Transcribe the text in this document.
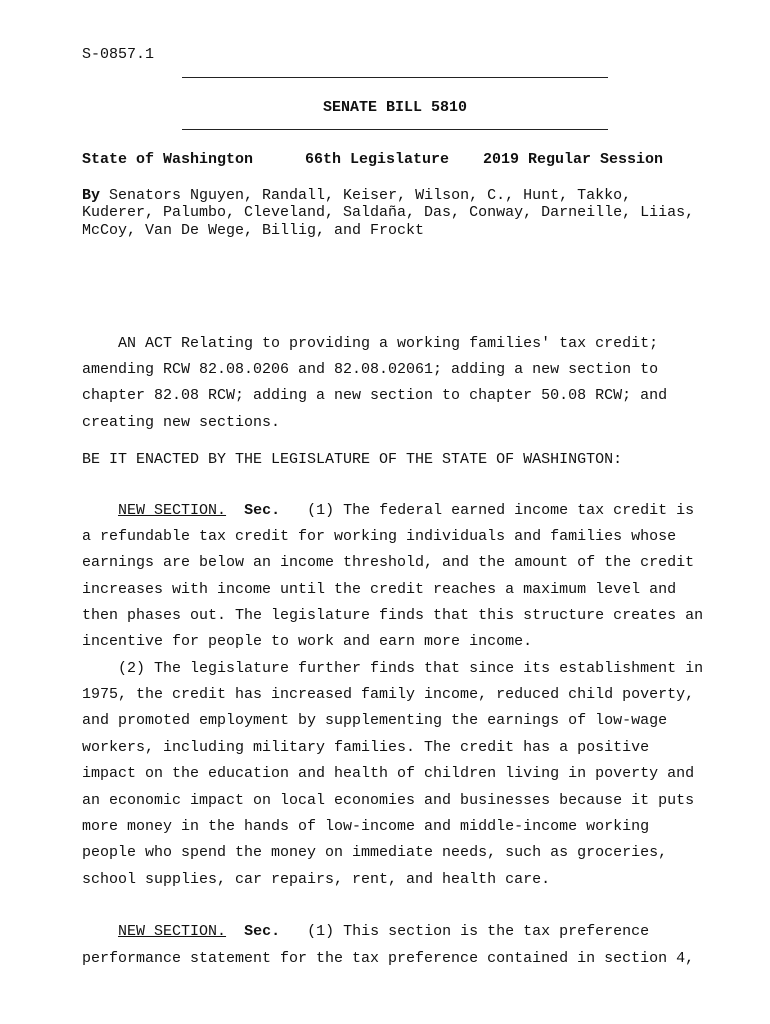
S-0857.1
SENATE BILL 5810
State of Washington	66th Legislature 2019 Regular Session
By Senators Nguyen, Randall, Keiser, Wilson, C., Hunt, Takko,
Kuderer, Palumbo, Cleveland, Saldaña, Das, Conway, Darneille, Liias,
McCoy, Van De Wege, Billig, and Frockt
AN ACT Relating to providing a working families' tax credit;
amending RCW 82.08.0206 and 82.08.02061; adding a new section to
chapter 82.08 RCW; adding a new section to chapter 50.08 RCW; and
creating new sections.
BE IT ENACTED BY THE LEGISLATURE OF THE STATE OF WASHINGTON:
NEW SECTION. Sec. (1) The federal earned income tax credit is
a refundable tax credit for working individuals and families whose
earnings are below an income threshold, and the amount of the credit
increases with income until the credit reaches a maximum level and
then phases out. The legislature finds that this structure creates an
incentive for people to work and earn more income.
(2) The legislature further finds that since its establishment in
1975, the credit has increased family income, reduced child poverty,
and promoted employment by supplementing the earnings of low-wage
workers, including military families. The credit has a positive
impact on the education and health of children living in poverty and
an economic impact on local economies and businesses because it puts
more money in the hands of low-income and middle-income working
people who spend the money on immediate needs, such as groceries,
school supplies, car repairs, rent, and health care.
NEW SECTION. Sec. (1) This section is the tax preference
performance statement for the tax preference contained in section 4,
